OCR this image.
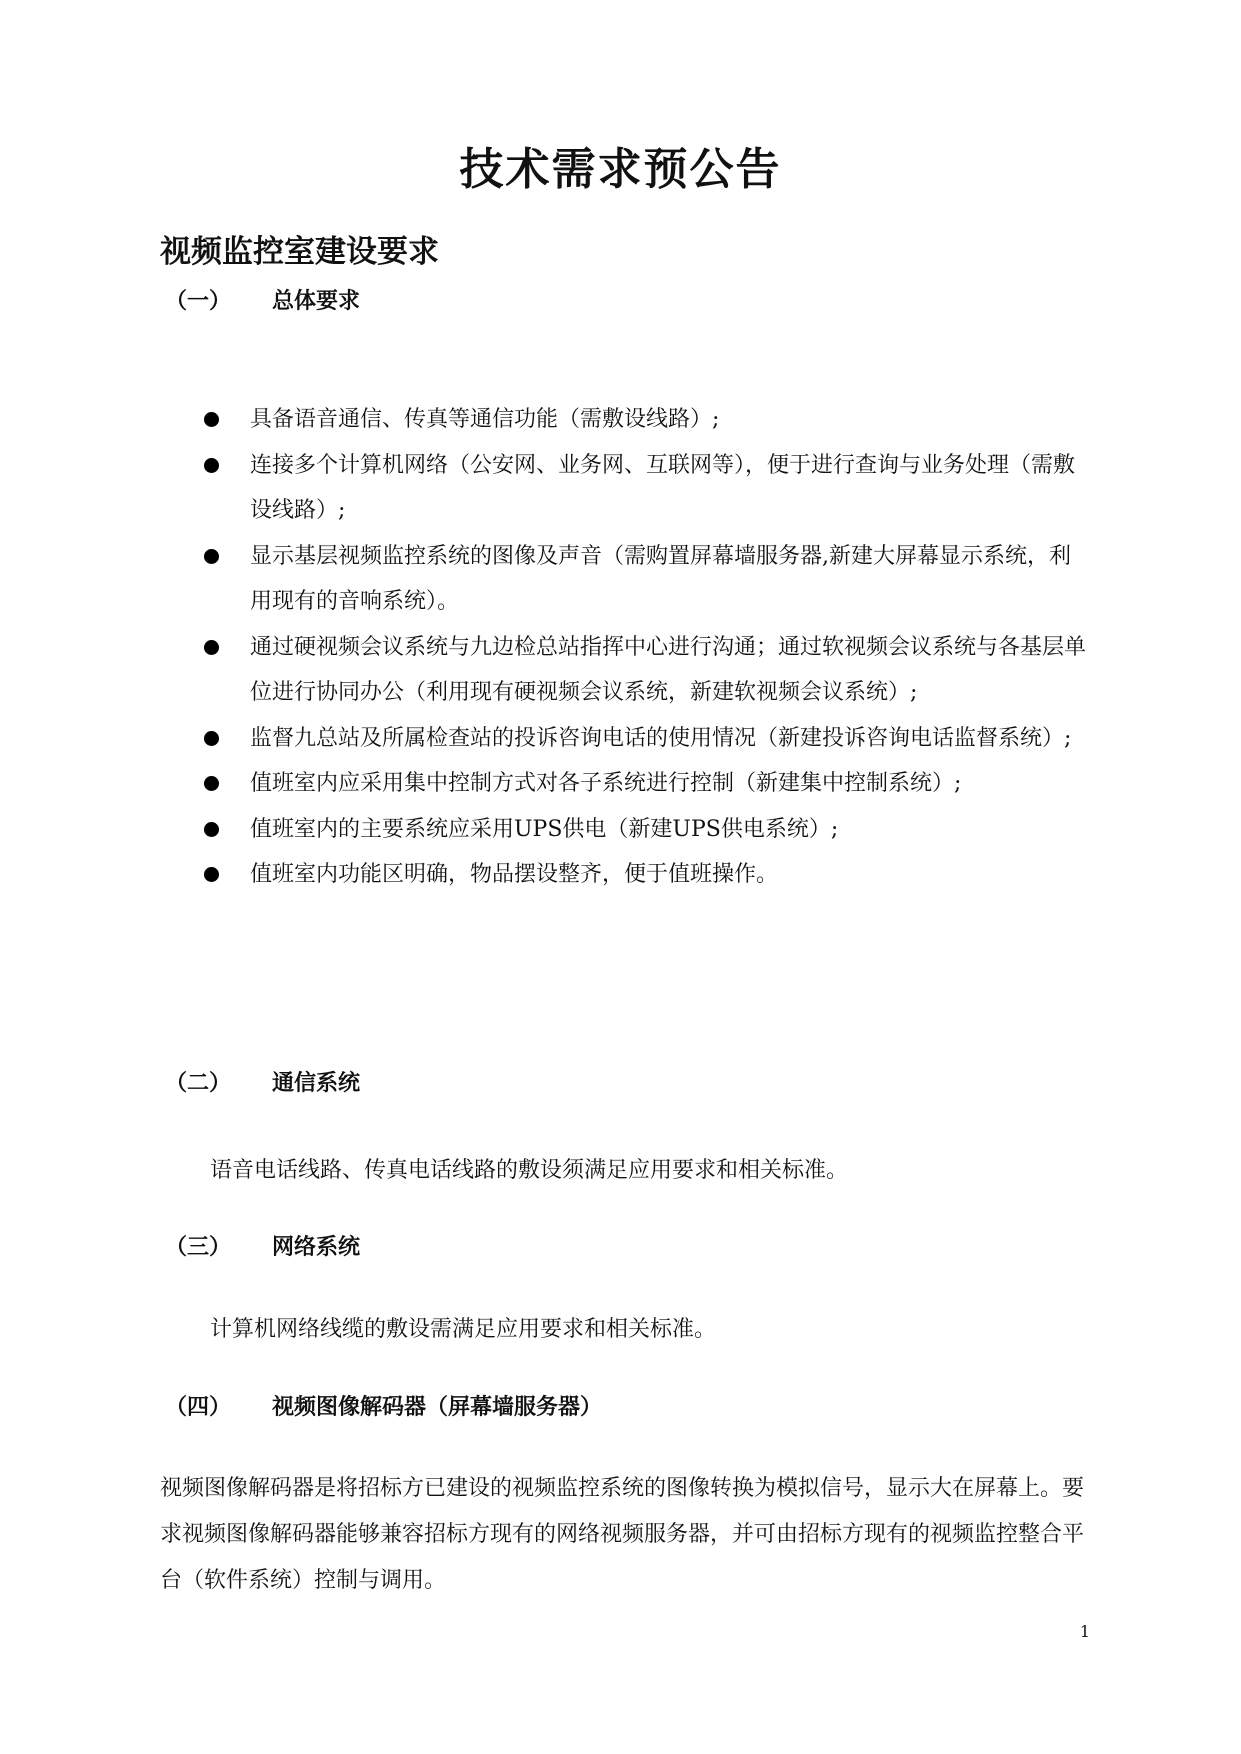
技术需求预公告
视频监控室建设要求
（一） 总体要求
具备语音通信、传真等通信功能（需敷设线路）;
连接多个计算机网络（公安网、业务网、互联网等），便于进行查询与业务处理（需敷设线路）;
显示基层视频监控系统的图像及声音（需购置屏幕墙服务器,新建大屏幕显示系统，利用现有的音响系统）。
通过硬视频会议系统与九边检总站指挥中心进行沟通；通过软视频会议系统与各基层单位进行协同办公（利用现有硬视频会议系统，新建软视频会议系统）;
监督九总站及所属检查站的投诉咨询电话的使用情况（新建投诉咨询电话监督系统）;
值班室内应采用集中控制方式对各子系统进行控制（新建集中控制系统）;
值班室内的主要系统应采用UPS供电（新建UPS供电系统）;
值班室内功能区明确，物品摆设整齐，便于值班操作。
（二） 通信系统
语音电话线路、传真电话线路的敷设须满足应用要求和相关标准。
（三） 网络系统
计算机网络线缆的敷设需满足应用要求和相关标准。
（四） 视频图像解码器（屏幕墙服务器）
视频图像解码器是将招标方已建设的视频监控系统的图像转换为模拟信号，显示大在屏幕上。要求视频图像解码器能够兼容招标方现有的网络视频服务器，并可由招标方现有的视频监控整合平台（软件系统）控制与调用。
1
